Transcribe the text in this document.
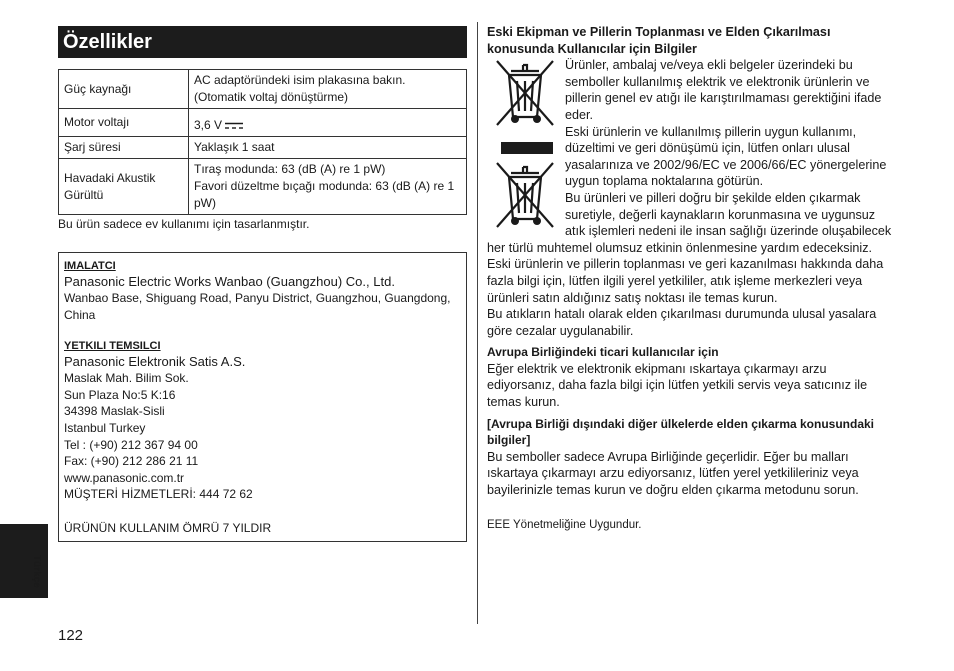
Özellikler
Güç kaynağı	AC adaptöründeki isim plakasına bakın.
(Otomatik voltaj dönüştürme)
Motor voltajı	3,6 V
Şarj süresi	Yaklaşık 1 saat
Havadaki Akustik Gürültü	Tıraş modunda: 63 (dB (A) re 1 pW)
Favori düzeltme bıçağı modunda: 63 (dB (A) re 1 pW)
Bu ürün sadece ev kullanımı için tasarlanmıştır.
IMALATCI
Panasonic Electric Works Wanbao (Guangzhou) Co., Ltd.
Wanbao Base, Shiguang Road, Panyu District, Guangzhou, Guangdong, China
YETKILI TEMSILCI
Panasonic Elektronik Satis A.S.
Maslak Mah. Bilim Sok.
Sun Plaza No:5 K:16
34398 Maslak-Sisli
Istanbul Turkey
Tel : (+90) 212 367 94 00
Fax: (+90) 212 286 21 11
www.panasonic.com.tr
MÜŞTERİ HİZMETLERİ: 444 72 62
ÜRÜNÜN KULLANIM ÖMRÜ 7 YILDIR
Türkçe
122

Eski Ekipman ve Pillerin Toplanması ve Elden Çıkarılması konusunda Kullanıcılar için Bilgiler

Ürünler, ambalaj ve/veya ekli belgeler üzerindeki bu semboller kullanılmış elektrik ve elektronik ürünlerin ve pillerin genel ev atığı ile karıştırılmaması gerektiğini ifade eder.

Eski ürünlerin ve kullanılmış pillerin uygun kullanımı, düzeltimi ve geri dönüşümü için, lütfen onları ulusal yasalarınıza ve 2002/96/EC ve 2006/66/EC yönergelerine uygun toplama noktalarına götürün.

Bu ürünleri ve pilleri doğru bir şekilde elden çıkarmak suretiyle, değerli kaynakların korunmasına ve uygunsuz atık işlemleri nedeni ile insan sağlığı üzerinde oluşabilecek her türlü muhtemel olumsuz etkinin önlenmesine yardım edeceksiniz.

Eski ürünlerin ve pillerin toplanması ve geri kazanılması hakkında daha fazla bilgi için, lütfen ilgili yerel yetkililer, atık işleme merkezleri veya ürünleri satın aldığınız satış noktası ile temas kurun.

Bu atıkların hatalı olarak elden çıkarılması durumunda ulusal yasalara göre cezalar uygulanabilir.

Avrupa Birliğindeki ticari kullanıcılar için

Eğer elektrik ve elektronik ekipmanı ıskartaya çıkarmayı arzu ediyorsanız, daha fazla bilgi için lütfen yetkili servis veya satıcınız ile temas kurun.

[Avrupa Birliği dışındaki diğer ülkelerde elden çıkarma konusundaki bilgiler]

Bu semboller sadece Avrupa Birliğinde geçerlidir. Eğer bu malları ıskartaya çıkarmayı arzu ediyorsanız, lütfen yerel yetkilileriniz veya bayilerinizle temas kurun ve doğru elden çıkarma metodunu sorun.

EEE Yönetmeliğine Uygundur.
